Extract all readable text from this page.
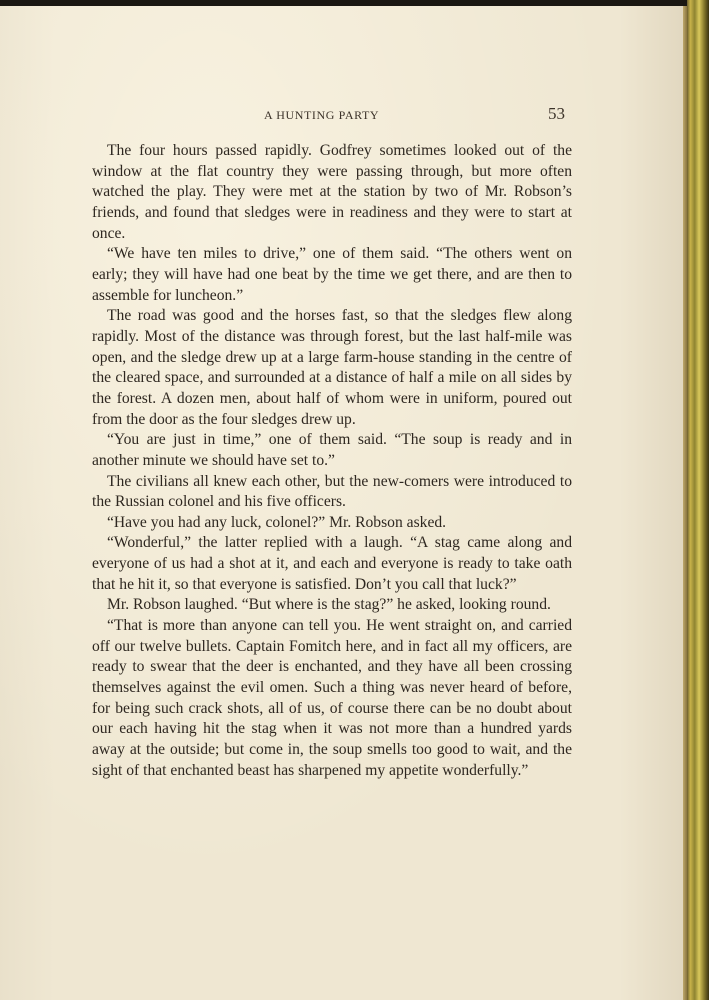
A HUNTING PARTY	53

The four hours passed rapidly. Godfrey sometimes looked out of the window at the flat country they were passing through, but more often watched the play. They were met at the station by two of Mr. Robson’s friends, and found that sledges were in readiness and they were to start at once.

“We have ten miles to drive,” one of them said. “The others went on early; they will have had one beat by the time we get there, and are then to assemble for luncheon.”

The road was good and the horses fast, so that the sledges flew along rapidly. Most of the distance was through forest, but the last half-mile was open, and the sledge drew up at a large farm-house standing in the centre of the cleared space, and surrounded at a distance of half a mile on all sides by the forest. A dozen men, about half of whom were in uniform, poured out from the door as the four sledges drew up.

“You are just in time,” one of them said. “The soup is ready and in another minute we should have set to.”

The civilians all knew each other, but the new-comers were introduced to the Russian colonel and his five officers.

“Have you had any luck, colonel?” Mr. Robson asked.

“Wonderful,” the latter replied with a laugh. “A stag came along and everyone of us had a shot at it, and each and everyone is ready to take oath that he hit it, so that everyone is satisfied. Don’t you call that luck?”

Mr. Robson laughed. “But where is the stag?” he asked, looking round.

“That is more than anyone can tell you. He went straight on, and carried off our twelve bullets. Captain Fomitch here, and in fact all my officers, are ready to swear that the deer is enchanted, and they have all been crossing themselves against the evil omen. Such a thing was never heard of before, for being such crack shots, all of us, of course there can be no doubt about our each having hit the stag when it was not more than a hundred yards away at the outside; but come in, the soup smells too good to wait, and the sight of that enchanted beast has sharpened my appetite wonderfully.”
